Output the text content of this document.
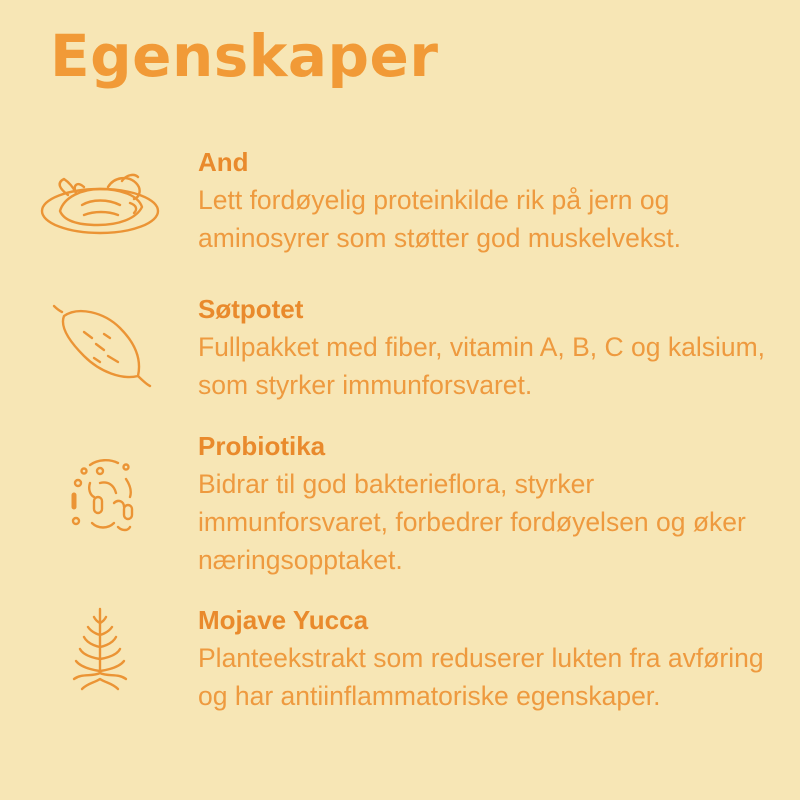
Egenskaper
And

Lett fordøyelig proteinkilde rik på jern og aminosyrer som støtter god muskelvekst.

Søtpotet

Fullpakket med fiber, vitamin A, B, C og kalsium, som styrker immunforsvaret.

Probiotika

Bidrar til god bakterieflora, styrker immunforsvaret, forbedrer fordøyelsen og øker næringsopptaket.

Mojave Yucca

Planteekstrakt som reduserer lukten fra avføring og har antiinflammatoriske egenskaper.
